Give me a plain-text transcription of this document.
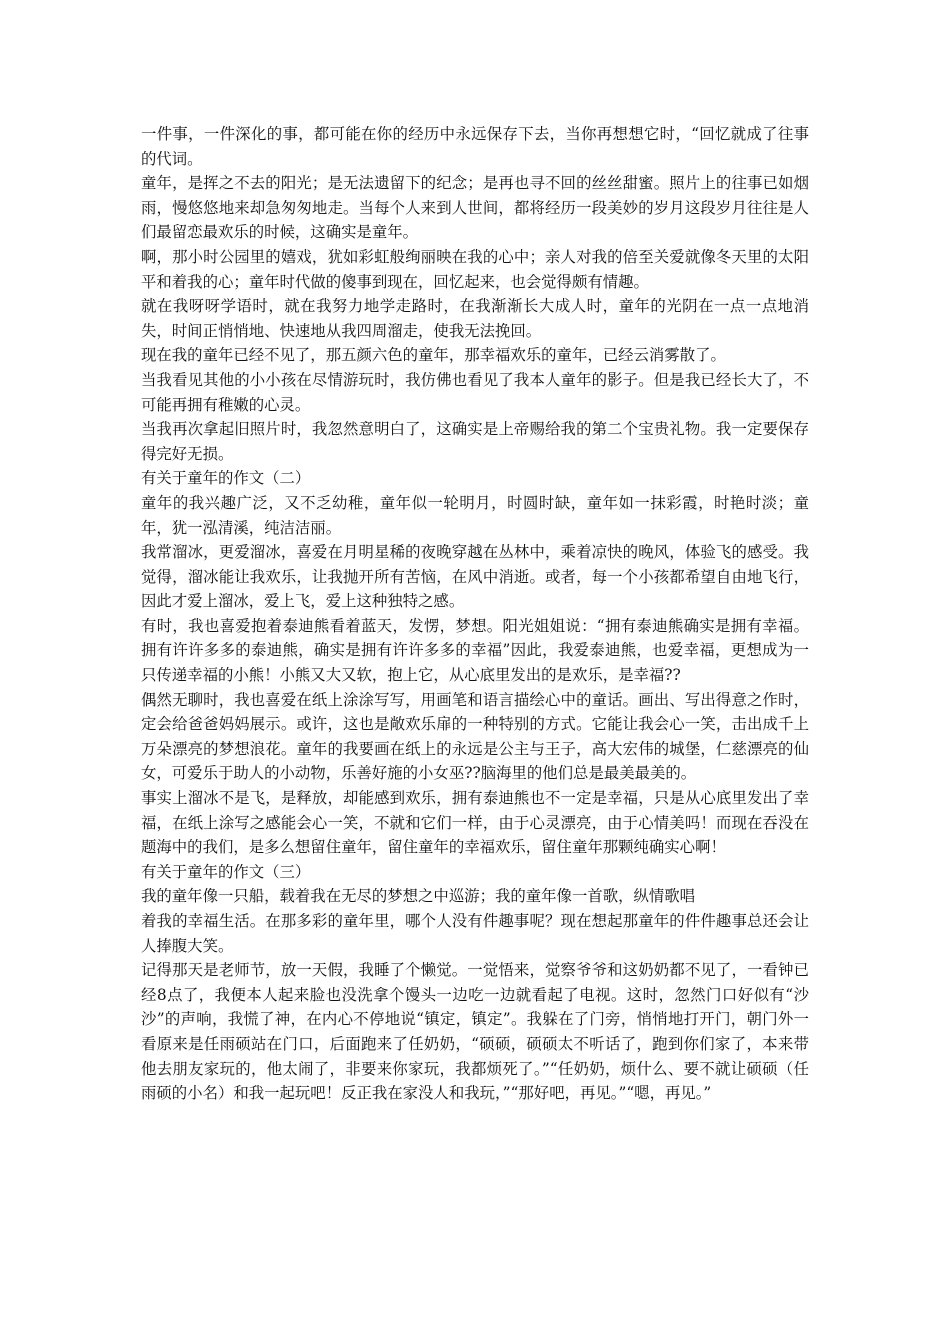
一件事，一件深化的事，都可能在你的经历中永远保存下去，当你再想想它时，“回忆就成了往事的代词。

童年，是挥之不去的阳光；是无法遗留下的纪念；是再也寻不回的丝丝甜蜜。照片上的往事已如烟雨，慢悠悠地来却急匆匆地走。当每个人来到人世间，都将经历一段美妙的岁月这段岁月往往是人们最留恋最欢乐的时候，这确实是童年。

啊，那小时公园里的嬉戏，犹如彩虹般绚丽映在我的心中；亲人对我的倍至关爱就像冬天里的太阳平和着我的心；童年时代做的傻事到现在，回忆起来，也会觉得颇有情趣。

就在我呀呀学语时，就在我努力地学走路时，在我渐渐长大成人时，童年的光阴在一点一点地消失，时间正悄悄地、快速地从我四周溜走，使我无法挽回。

现在我的童年已经不见了，那五颜六色的童年，那幸福欢乐的童年，已经云消雾散了。

当我看见其他的小小孩在尽情游玩时，我仿佛也看见了我本人童年的影子。但是我已经长大了，不可能再拥有稚嫩的心灵。

当我再次拿起旧照片时，我忽然意明白了，这确实是上帝赐给我的第二个宝贵礼物。我一定要保存得完好无损。

有关于童年的作文（二）

童年的我兴趣广泛，又不乏幼稚，童年似一轮明月，时圆时缺，童年如一抹彩霞，时艳时淡；童年，犹一泓清溪，纯洁洁丽。

我常溜冰，更爱溜冰，喜爱在月明星稀的夜晚穿越在丛林中，乘着凉快的晚风，体验飞的感受。我觉得，溜冰能让我欢乐，让我抛开所有苦恼，在风中消逝。或者，每一个小孩都希望自由地飞行，因此才爱上溜冰，爱上飞，爱上这种独特之感。

有时，我也喜爱抱着泰迪熊看着蓝天，发愣，梦想。阳光姐姐说：“拥有泰迪熊确实是拥有幸福。拥有许许多多的泰迪熊，确实是拥有许许多多的幸福”因此，我爱泰迪熊，也爱幸福，更想成为一只传递幸福的小熊！小熊又大又软，抱上它，从心底里发出的是欢乐，是幸福??

偶然无聊时，我也喜爱在纸上涂涂写写，用画笔和语言描绘心中的童话。画出、写出得意之作时，定会给爸爸妈妈展示。或许，这也是敞欢乐扉的一种特别的方式。它能让我会心一笑，击出成千上万朵漂亮的梦想浪花。童年的我要画在纸上的永远是公主与王子，高大宏伟的城堡，仁慈漂亮的仙女，可爱乐于助人的小动物，乐善好施的小女巫??脑海里的他们总是最美最美的。

事实上溜冰不是飞，是释放，却能感到欢乐，拥有泰迪熊也不一定是幸福，只是从心底里发出了幸福，在纸上涂写之感能会心一笑，不就和它们一样，由于心灵漂亮，由于心情美吗！而现在吞没在题海中的我们，是多么想留住童年，留住童年的幸福欢乐，留住童年那颗纯确实心啊！

有关于童年的作文（三）

我的童年像一只船，载着我在无尽的梦想之中巡游；我的童年像一首歌，纵情歌唱

着我的幸福生活。在那多彩的童年里，哪个人没有件趣事呢？现在想起那童年的件件趣事总还会让人捧腹大笑。

记得那天是老师节，放一天假，我睡了个懒觉。一觉悟来，觉察爷爷和这奶奶都不见了，一看钟已经8点了，我便本人起来脸也没洗拿个馒头一边吃一边就看起了电视。这时，忽然门口好似有“沙沙”的声响，我慌了神，在内心不停地说“镇定，镇定”。我躲在了门旁，悄悄地打开门，朝门外一看原来是任雨硕站在门口，后面跑来了任奶奶，“硕硕，硕硕太不听话了，跑到你们家了，本来带他去朋友家玩的，他太闹了，非要来你家玩，我都烦死了。”“任奶奶，烦什么、要不就让硕硕（任雨硕的小名）和我一起玩吧！反正我在家没人和我玩，”“那好吧，再见。”“嗯，再见。”
